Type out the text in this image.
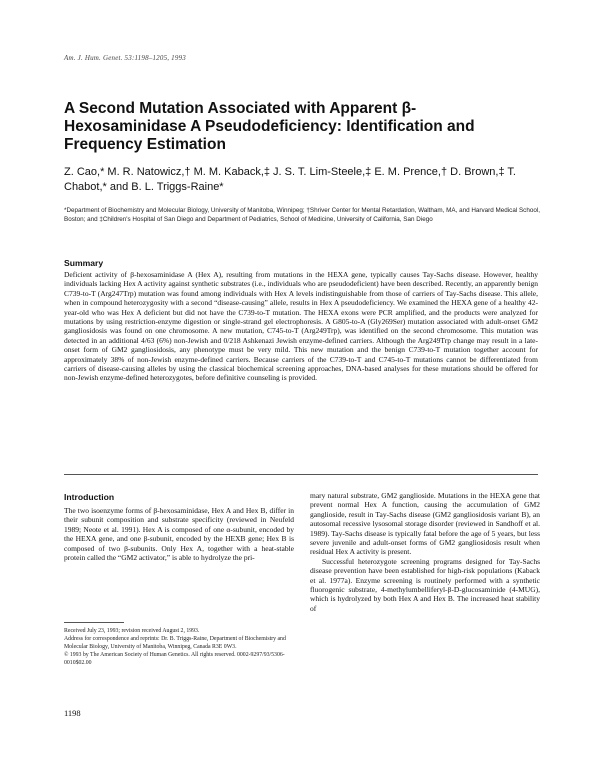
Am. J. Hum. Genet. 53:1198–1205, 1993
A Second Mutation Associated with Apparent β-Hexosaminidase A Pseudodeficiency: Identification and Frequency Estimation
Z. Cao,* M. R. Natowicz,† M. M. Kaback,‡ J. S. T. Lim-Steele,‡ E. M. Prence,† D. Brown,‡ T. Chabot,* and B. L. Triggs-Raine*
*Department of Biochemistry and Molecular Biology, University of Manitoba, Winnipeg; †Shriver Center for Mental Retardation, Waltham, MA, and Harvard Medical School, Boston; and ‡Children's Hospital of San Diego and Department of Pediatrics, School of Medicine, University of California, San Diego
Summary
Deficient activity of β-hexosaminidase A (Hex A), resulting from mutations in the HEXA gene, typically causes Tay-Sachs disease. However, healthy individuals lacking Hex A activity against synthetic substrates (i.e., individuals who are pseudodeficient) have been described. Recently, an apparently benign C739-to-T (Arg247Trp) mutation was found among individuals with Hex A levels indistinguishable from those of carriers of Tay-Sachs disease. This allele, when in compound heterozygosity with a second “disease-causing” allele, results in Hex A pseudodeficiency. We examined the HEXA gene of a healthy 42-year-old who was Hex A deficient but did not have the C739-to-T mutation. The HEXA exons were PCR amplified, and the products were analyzed for mutations by using restriction-enzyme digestion or single-strand gel electrophoresis. A G805-to-A (Gly269Ser) mutation associated with adult-onset GM2 gangliosidosis was found on one chromosome. A new mutation, C745-to-T (Arg249Trp), was identified on the second chromosome. This mutation was detected in an additional 4/63 (6%) non-Jewish and 0/218 Ashkenazi Jewish enzyme-defined carriers. Although the Arg249Trp change may result in a late-onset form of GM2 gangliosidosis, any phenotype must be very mild. This new mutation and the benign C739-to-T mutation together account for approximately 38% of non-Jewish enzyme-defined carriers. Because carriers of the C739-to-T and C745-to-T mutations cannot be differentiated from carriers of disease-causing alleles by using the classical biochemical screening approaches, DNA-based analyses for these mutations should be offered for non-Jewish enzyme-defined heterozygotes, before definitive counseling is provided.
Introduction

The two isoenzyme forms of β-hexosaminidase, Hex A and Hex B, differ in their subunit composition and substrate specificity (reviewed in Neufeld 1989; Neote et al. 1991). Hex A is composed of one α-subunit, encoded by the HEXA gene, and one β-subunit, encoded by the HEXB gene; Hex B is composed of two β-subunits. Only Hex A, together with a heat-stable protein called the “GM2 activator,” is able to hydrolyze the pri-

mary natural substrate, GM2 ganglioside. Mutations in the HEXA gene that prevent normal Hex A function, causing the accumulation of GM2 ganglioside, result in Tay-Sachs disease (GM2 gangliosidosis variant B), an autosomal recessive lysosomal storage disorder (reviewed in Sandhoff et al. 1989). Tay-Sachs disease is typically fatal before the age of 5 years, but less severe juvenile and adult-onset forms of GM2 gangliosidosis result when residual Hex A activity is present.

Successful heterozygote screening programs designed for Tay-Sachs disease prevention have been established for high-risk populations (Kaback et al. 1977a). Enzyme screening is routinely performed with a synthetic fluorogenic substrate, 4-methylumbelliferyl-β-D-glucosaminide (4-MUG), which is hydrolyzed by both Hex A and Hex B. The increased heat stability of

Received July 23, 1993; revision received August 2, 1993.

Address for correspondence and reprints: Dr. B. Triggs-Raine, Department of Biochemistry and Molecular Biology, University of Manitoba, Winnipeg, Canada R3E 0W3.

© 1993 by The American Society of Human Genetics. All rights reserved. 0002-9297/93/5306-0010$02.00

1198
